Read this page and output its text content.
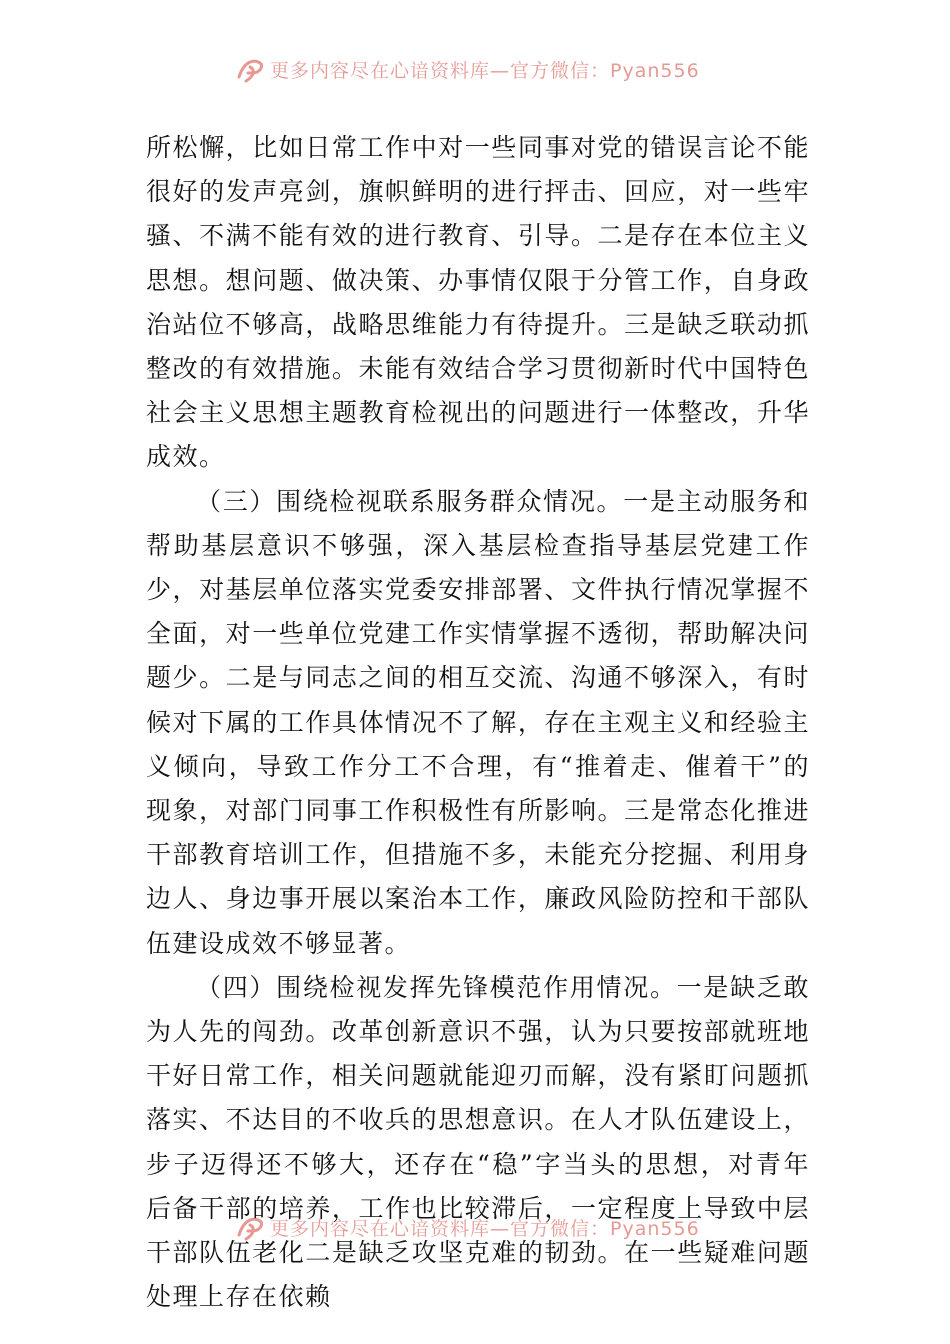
更多内容尽在心谙资料库—官方微信：Pyan556

所松懈，比如日常工作中对一些同事对党的错误言论不能很好的发声亮剑，旗帜鲜明的进行抨击、回应，对一些牢骚、不满不能有效的进行教育、引导。二是存在本位主义思想。想问题、做决策、办事情仅限于分管工作，自身政治站位不够高，战略思维能力有待提升。三是缺乏联动抓整改的有效措施。未能有效结合学习贯彻新时代中国特色社会主义思想主题教育检视出的问题进行一体整改，升华成效。

（三）围绕检视联系服务群众情况。一是主动服务和帮助基层意识不够强，深入基层检查指导基层党建工作少，对基层单位落实党委安排部署、文件执行情况掌握不全面，对一些单位党建工作实情掌握不透彻，帮助解决问题少。二是与同志之间的相互交流、沟通不够深入，有时候对下属的工作具体情况不了解，存在主观主义和经验主义倾向，导致工作分工不合理，有“推着走、催着干”的现象，对部门同事工作积极性有所影响。三是常态化推进干部教育培训工作，但措施不多，未能充分挖掘、利用身边人、身边事开展以案治本工作，廉政风险防控和干部队伍建设成效不够显著。

（四）围绕检视发挥先锋模范作用情况。一是缺乏敢为人先的闯劲。改革创新意识不强，认为只要按部就班地干好日常工作，相关问题就能迎刃而解，没有紧盯问题抓落实、不达目的不收兵的思想意识。在人才队伍建设上，步子迈得还不够大，还存在“稳”字当头的思想，对青年后备干部的培养，工作也比较滞后，一定程度上导致中层干部队伍老化二是缺乏攻坚克难的韧劲。在一些疑难问题处理上存在依赖

更多内容尽在心谙资料库—官方微信：Pyan556
